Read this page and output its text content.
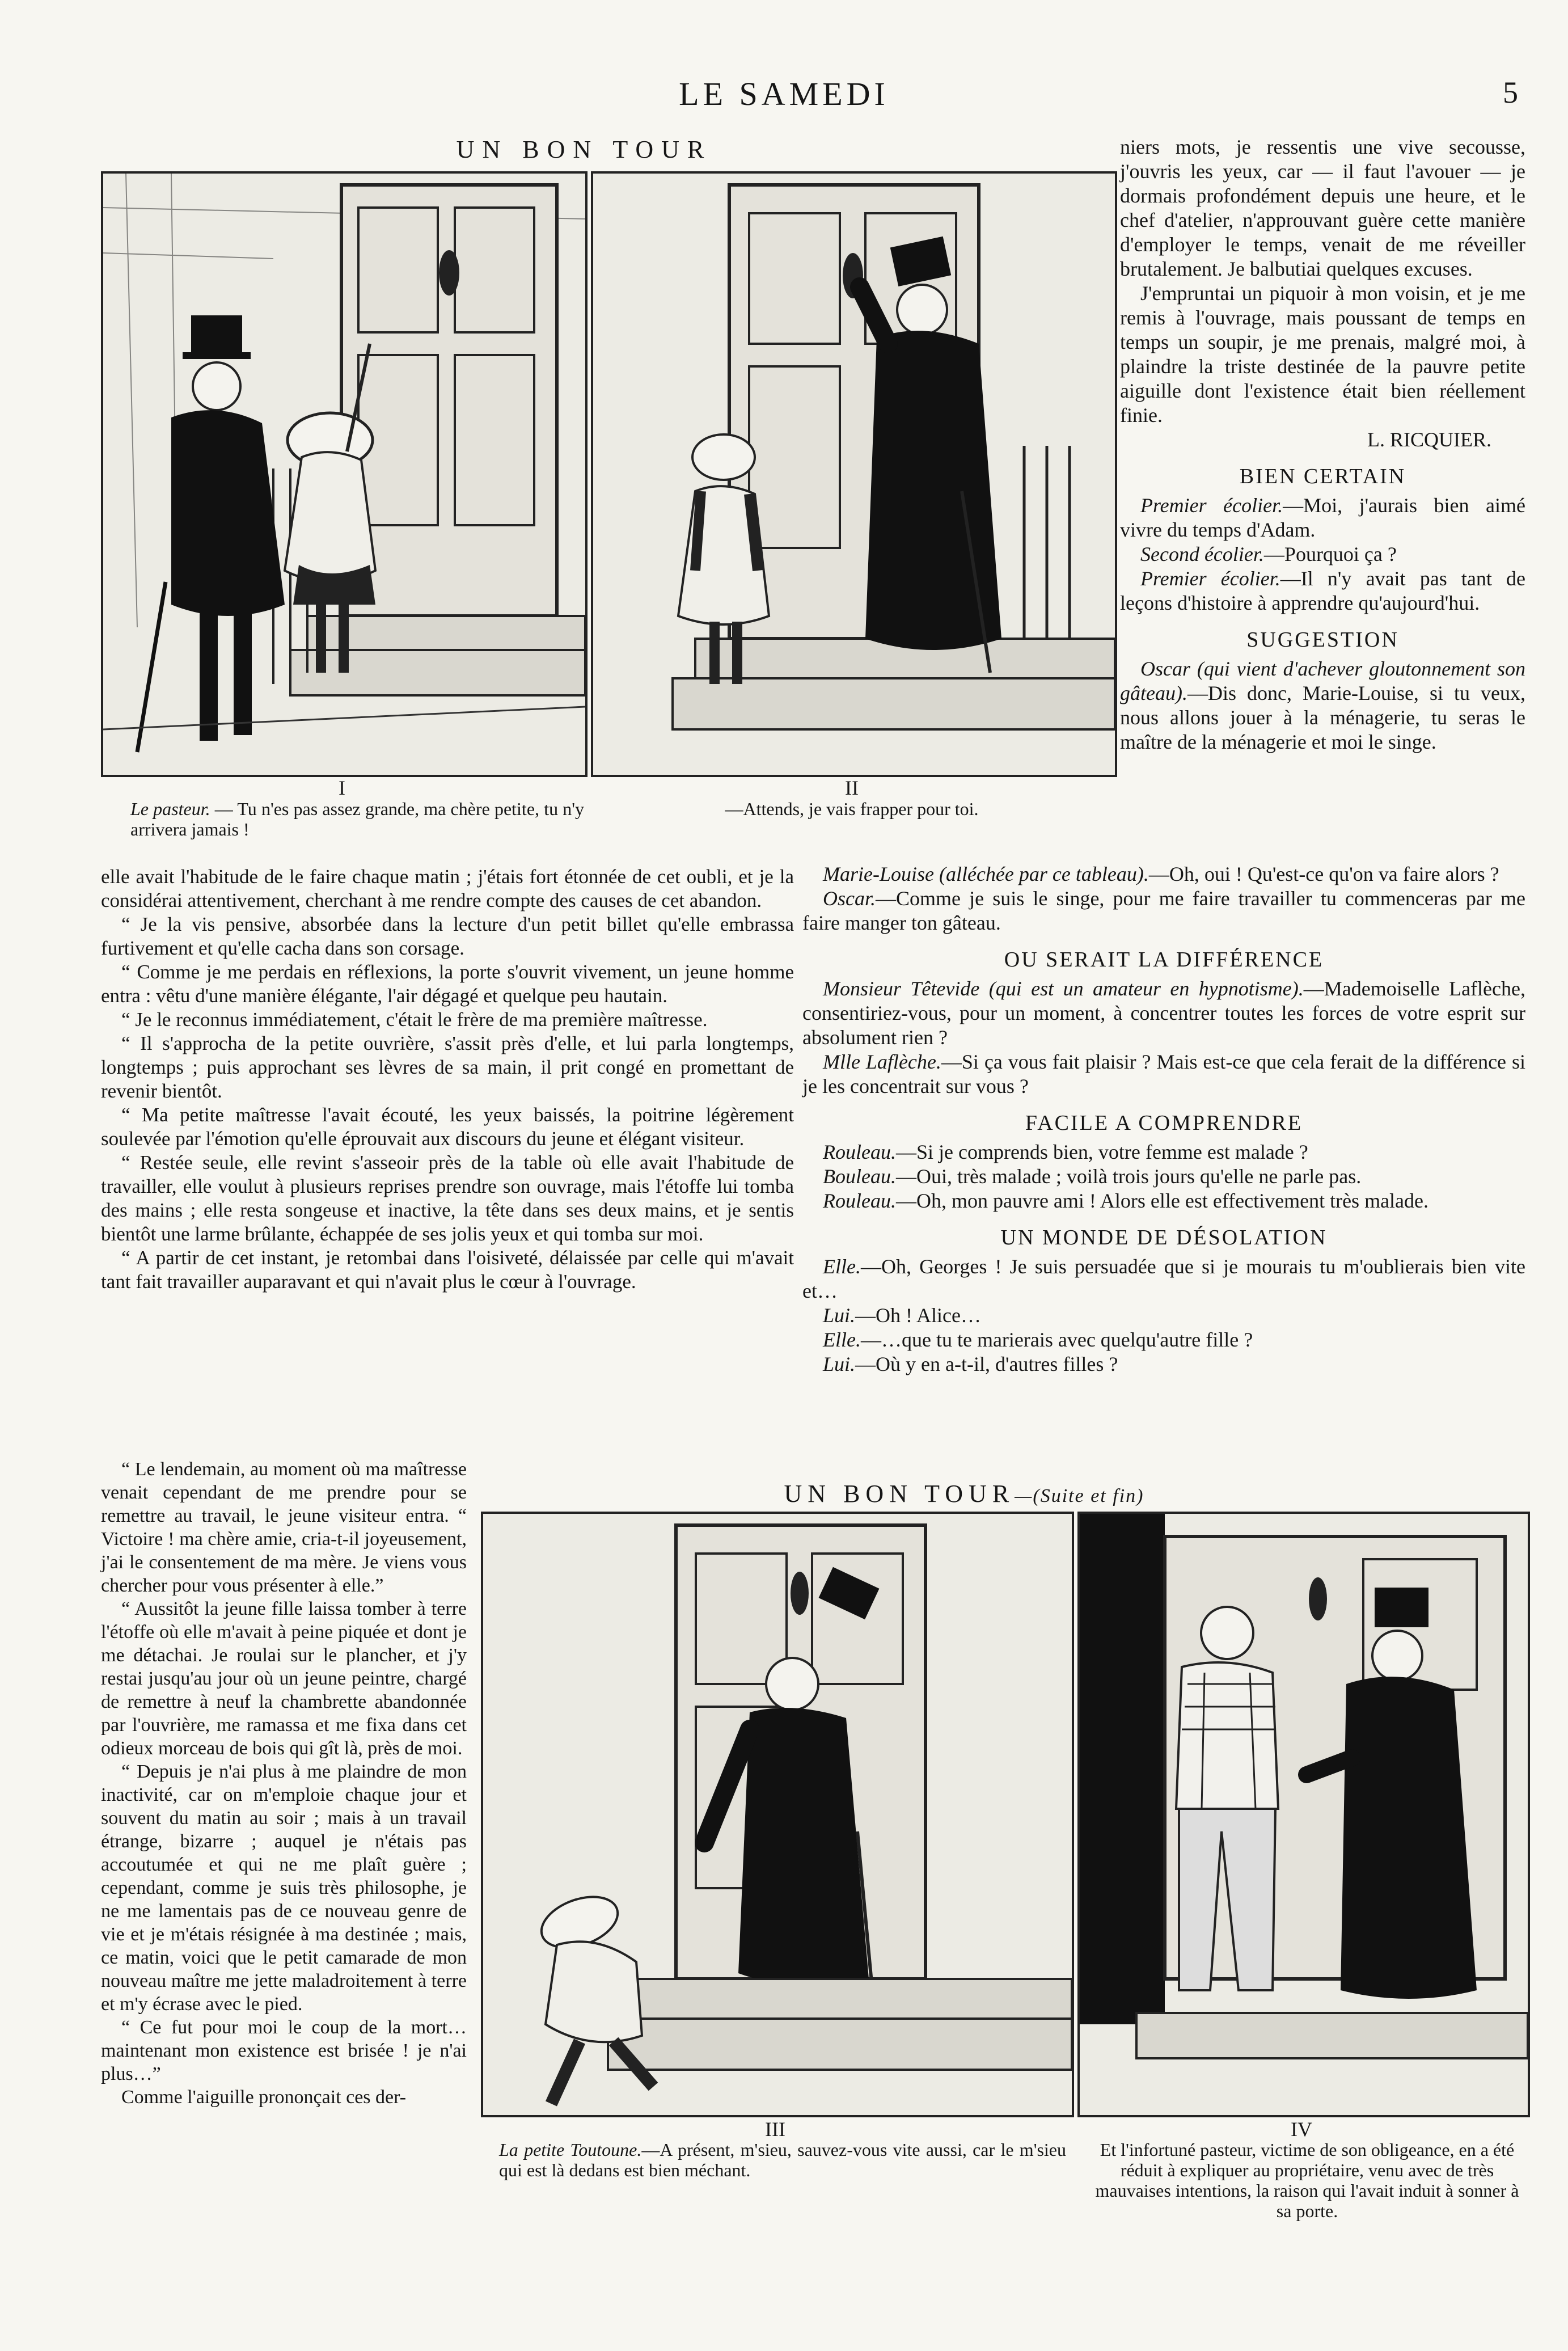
LE SAMEDI	5
UN BON TOUR
I
Le pasteur. — Tu n'es pas assez grande, ma chère petite, tu n'y arrivera jamais !
II
—Attends, je vais frapper pour toi.

niers mots, je ressentis une vive secousse, j'ouvris les yeux, car — il faut l'avouer — je dormais profondément depuis une heure, et le chef d'atelier, n'approuvant guère cette manière d'employer le temps, venait de me réveiller brutalement. Je balbutiai quelques excuses.

J'empruntai un piquoir à mon voisin, et je me remis à l'ouvrage, mais poussant de temps en temps un soupir, je me prenais, malgré moi, à plaindre la triste destinée de la pauvre petite aiguille dont l'existence était bien réellement finie.

L. RICQUIER.
BIEN CERTAIN

Premier écolier.—Moi, j'aurais bien aimé vivre du temps d'Adam.

Second écolier.—Pourquoi ça ?

Premier écolier.—Il n'y avait pas tant de leçons d'histoire à apprendre qu'aujourd'hui.

SUGGESTION

Oscar (qui vient d'achever gloutonnement son gâteau).—Dis donc, Marie-Louise, si tu veux, nous allons jouer à la ménagerie, tu seras le maître de la ménagerie et moi le singe.

Marie-Louise (alléchée par ce tableau).—Oh, oui ! Qu'est-ce qu'on va faire alors ?

Oscar.—Comme je suis le singe, pour me faire travailler tu commenceras par me faire manger ton gâteau.

OU SERAIT LA DIFFÉRENCE

Monsieur Têtevide (qui est un amateur en hypnotisme).—Mademoiselle Laflèche, consentiriez-vous, pour un moment, à concentrer toutes les forces de votre esprit sur absolument rien ?

Mlle Laflèche.—Si ça vous fait plaisir ? Mais est-ce que cela ferait de la différence si je les concentrait sur vous ?

FACILE A COMPRENDRE

Rouleau.—Si je comprends bien, votre femme est malade ?

Bouleau.—Oui, très malade ; voilà trois jours qu'elle ne parle pas.

Rouleau.—Oh, mon pauvre ami ! Alors elle est effectivement très malade.

UN MONDE DE DÉSOLATION

Elle.—Oh, Georges ! Je suis persuadée que si je mourais tu m'oublierais bien vite et…

Lui.—Oh ! Alice…

Elle.—…que tu te marierais avec quelqu'autre fille ?

Lui.—Où y en a-t-il, d'autres filles ?

elle avait l'habitude de le faire chaque matin ; j'étais fort étonnée de cet oubli, et je la considérai attentivement, cherchant à me rendre compte des causes de cet abandon.

“ Je la vis pensive, absorbée dans la lecture d'un petit billet qu'elle embrassa furtivement et qu'elle cacha dans son corsage.

“ Comme je me perdais en réflexions, la porte s'ouvrit vivement, un jeune homme entra : vêtu d'une manière élégante, l'air dégagé et quelque peu hautain.

“ Je le reconnus immédiatement, c'était le frère de ma première maîtresse.

“ Il s'approcha de la petite ouvrière, s'assit près d'elle, et lui parla longtemps, longtemps ; puis approchant ses lèvres de sa main, il prit congé en promettant de revenir bientôt.

“ Ma petite maîtresse l'avait écouté, les yeux baissés, la poitrine légèrement soulevée par l'émotion qu'elle éprouvait aux discours du jeune et élégant visiteur.

“ Restée seule, elle revint s'asseoir près de la table où elle avait l'habitude de travailler, elle voulut à plusieurs reprises prendre son ouvrage, mais l'étoffe lui tomba des mains ; elle resta songeuse et inactive, la tête dans ses deux mains, et je sentis bientôt une larme brûlante, échappée de ses jolis yeux et qui tomba sur moi.

“ A partir de cet instant, je retombai dans l'oisiveté, délaissée par celle qui m'avait tant fait travailler auparavant et qui n'avait plus le cœur à l'ouvrage.

“ Le lendemain, au moment où ma maîtresse venait cependant de me prendre pour se remettre au travail, le jeune visiteur entra. “ Victoire ! ma chère amie, cria-t-il joyeusement, j'ai le consentement de ma mère. Je viens vous chercher pour vous présenter à elle.”

“ Aussitôt la jeune fille laissa tomber à terre l'étoffe où elle m'avait à peine piquée et dont je me détachai. Je roulai sur le plancher, et j'y restai jusqu'au jour où un jeune peintre, chargé de remettre à neuf la chambrette abandonnée par l'ouvrière, me ramassa et me fixa dans cet odieux morceau de bois qui gît là, près de moi.

“ Depuis je n'ai plus à me plaindre de mon inactivité, car on m'emploie chaque jour et souvent du matin au soir ; mais à un travail étrange, bizarre ; auquel je n'étais pas accoutumée et qui ne me plaît guère ; cependant, comme je suis très philosophe, je ne me lamentais pas de ce nouveau genre de vie et je m'étais résignée à ma destinée ; mais, ce matin, voici que le petit camarade de mon nouveau maître me jette maladroitement à terre et m'y écrase avec le pied.

“ Ce fut pour moi le coup de la mort… maintenant mon existence est brisée ! je n'ai plus…”

Comme l'aiguille prononçait ces der-

UN BON TOUR—(Suite et fin)
III
La petite Toutoune.—A présent, m'sieu, sauvez-vous vite aussi, car le m'sieu qui est là dedans est bien méchant.
IV
Et l'infortuné pasteur, victime de son obligeance, en a été réduit à expliquer au propriétaire, venu avec de très mauvaises intentions, la raison qui l'avait induit à sonner à sa porte.
